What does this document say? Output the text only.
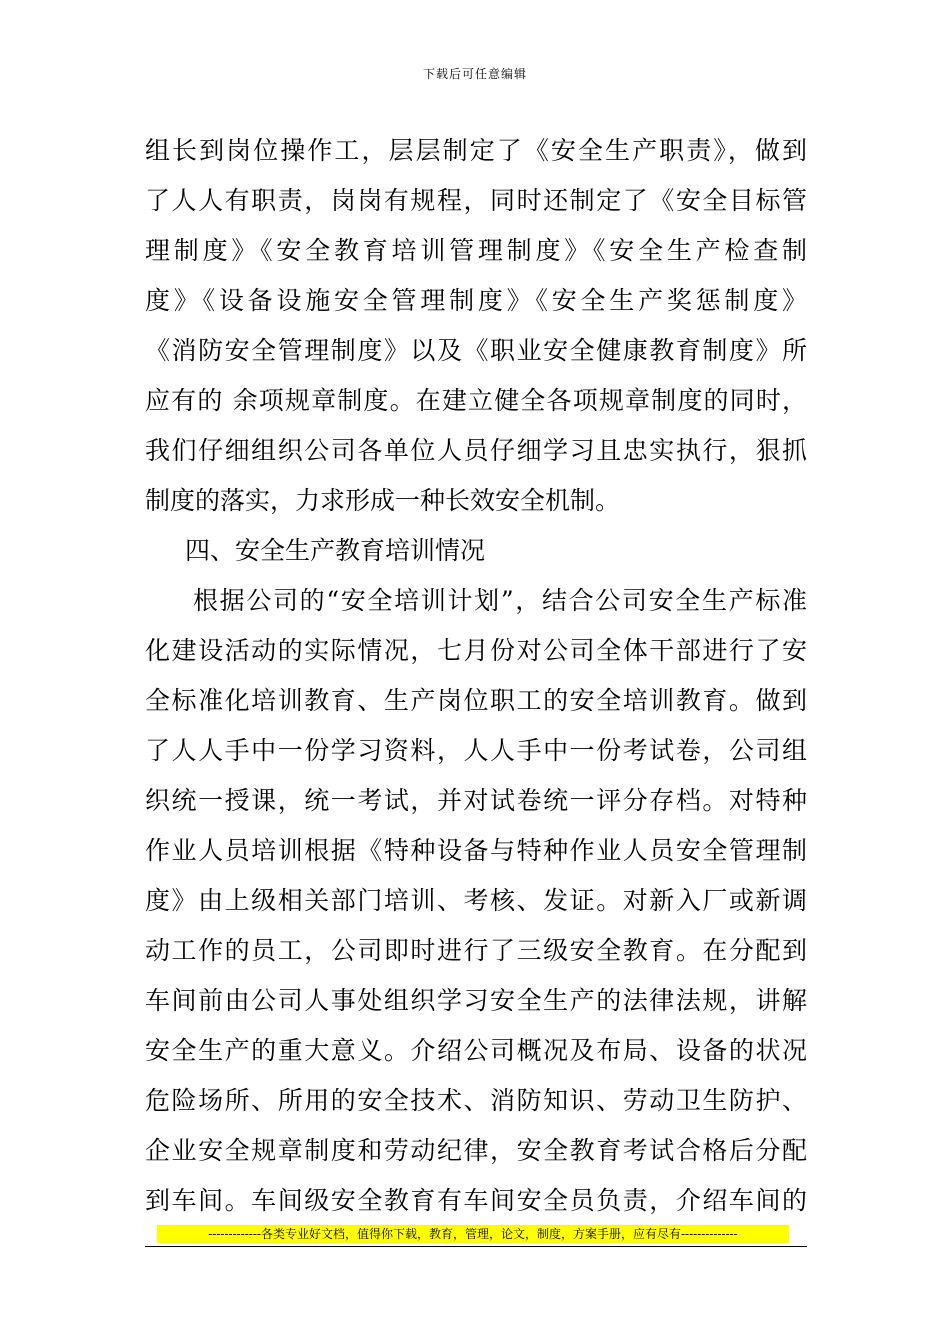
下载后可任意编辑
组长到岗位操作工，层层制定了《安全生产职责》，做到
了人人有职责，岗岗有规程，同时还制定了《安全目标管
理制度》《安全教育培训管理制度》《安全生产检查制
度》《设备设施安全管理制度》《安全生产奖惩制度》
《消防安全管理制度》以及《职业安全健康教育制度》所
应有的 余项规章制度。在建立健全各项规章制度的同时，
我们仔细组织公司各单位人员仔细学习且忠实执行，狠抓
制度的落实，力求形成一种长效安全机制。
四、安全生产教育培训情况
根据公司的“安全培训计划”，结合公司安全生产标准
化建设活动的实际情况，七月份对公司全体干部进行了安
全标准化培训教育、生产岗位职工的安全培训教育。做到
了人人手中一份学习资料，人人手中一份考试卷，公司组
织统一授课，统一考试，并对试卷统一评分存档。对特种
作业人员培训根据《特种设备与特种作业人员安全管理制
度》由上级相关部门培训、考核、发证。对新入厂或新调
动工作的员工，公司即时进行了三级安全教育。在分配到
车间前由公司人事处组织学习安全生产的法律法规，讲解
安全生产的重大意义。介绍公司概况及布局、设备的状况
危险场所、所用的安全技术、消防知识、劳动卫生防护、
企业安全规章制度和劳动纪律，安全教育考试合格后分配
到车间。车间级安全教育有车间安全员负责，介绍车间的
-------------各类专业好文档，值得你下载，教育，管理，论文，制度，方案手册，应有尽有--------------
